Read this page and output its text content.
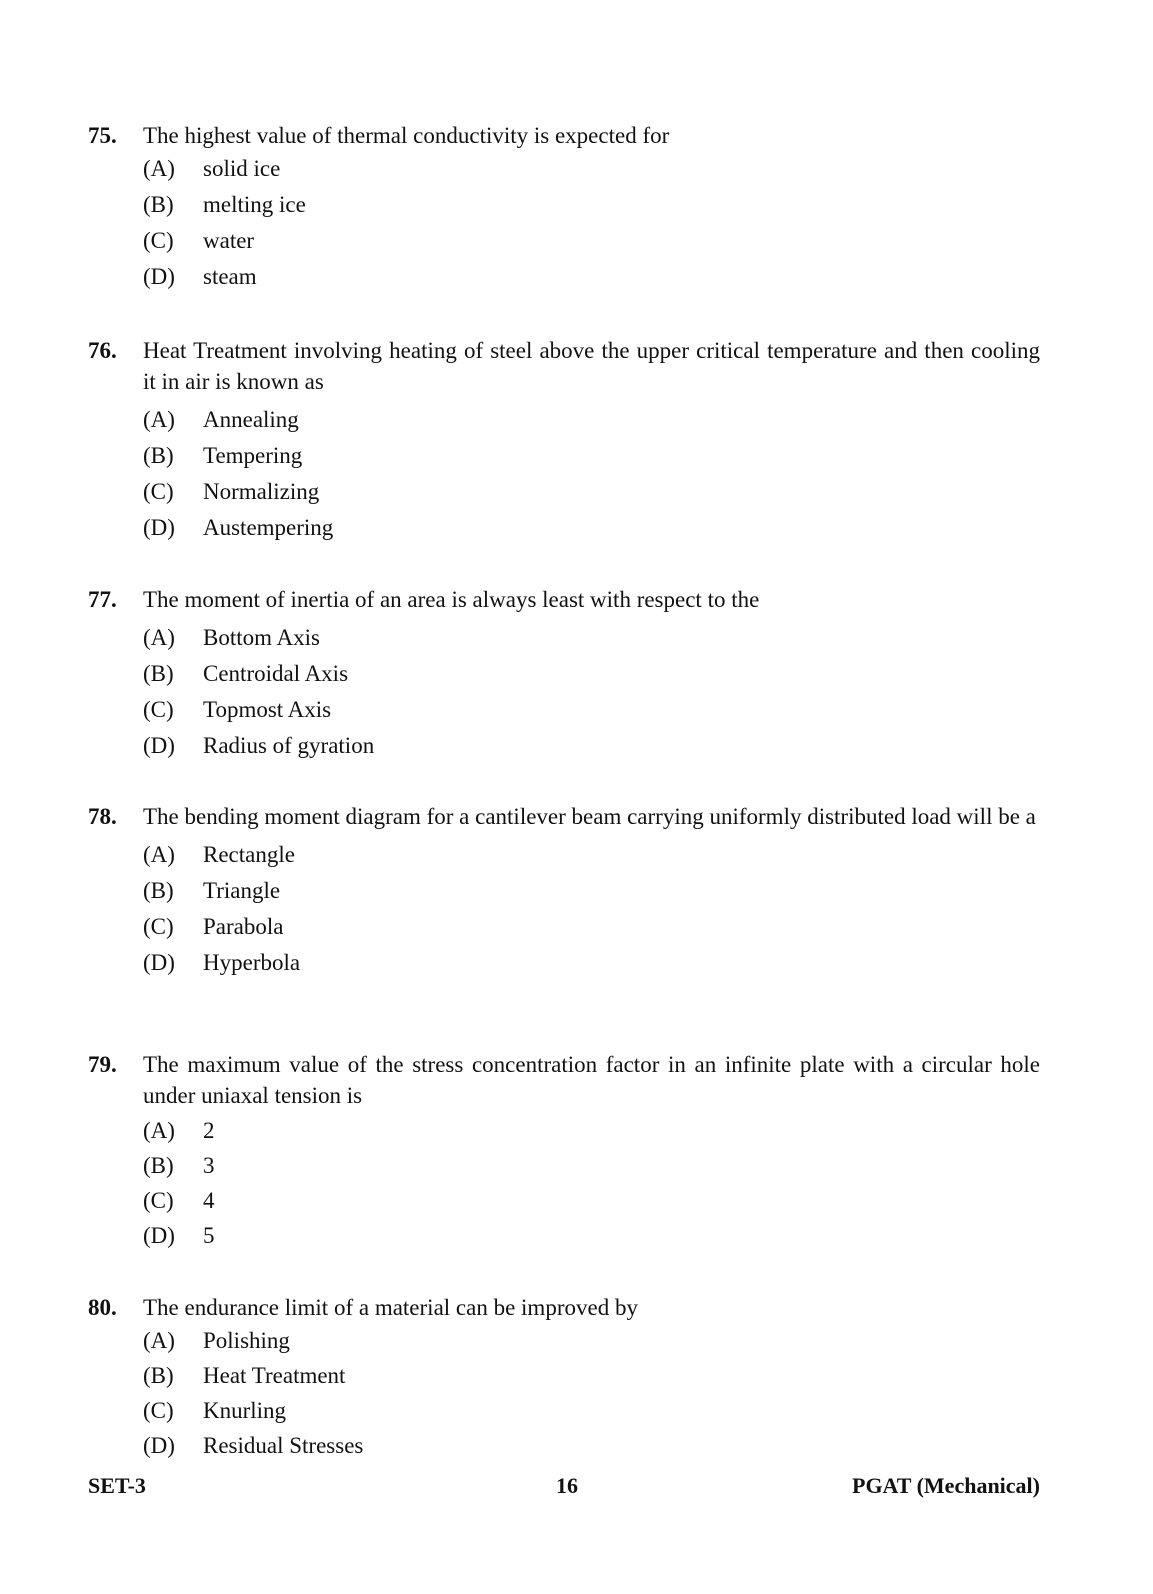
75. The highest value of thermal conductivity is expected for
(A)	solid ice
(B)	melting ice
(C)	water
(D)	steam
76. Heat Treatment involving heating of steel above the upper critical temperature and then cooling it in air is known as
(A)	Annealing
(B)	Tempering
(C)	Normalizing
(D)	Austempering
77. The moment of inertia of an area is always least with respect to the
(A)	Bottom Axis
(B)	Centroidal Axis
(C)	Topmost Axis
(D)	Radius of gyration
78. The bending moment diagram for a cantilever beam carrying uniformly distributed load will be a
(A)	Rectangle
(B)	Triangle
(C)	Parabola
(D)	Hyperbola
79. The maximum value of the stress concentration factor in an infinite plate with a circular hole under uniaxal tension is
(A)	2
(B)	3
(C)	4
(D)	5
80. The endurance limit of a material can be improved by
(A)	Polishing
(B)	Heat Treatment
(C)	Knurling
(D)	Residual Stresses
SET-3	16	PGAT (Mechanical)
